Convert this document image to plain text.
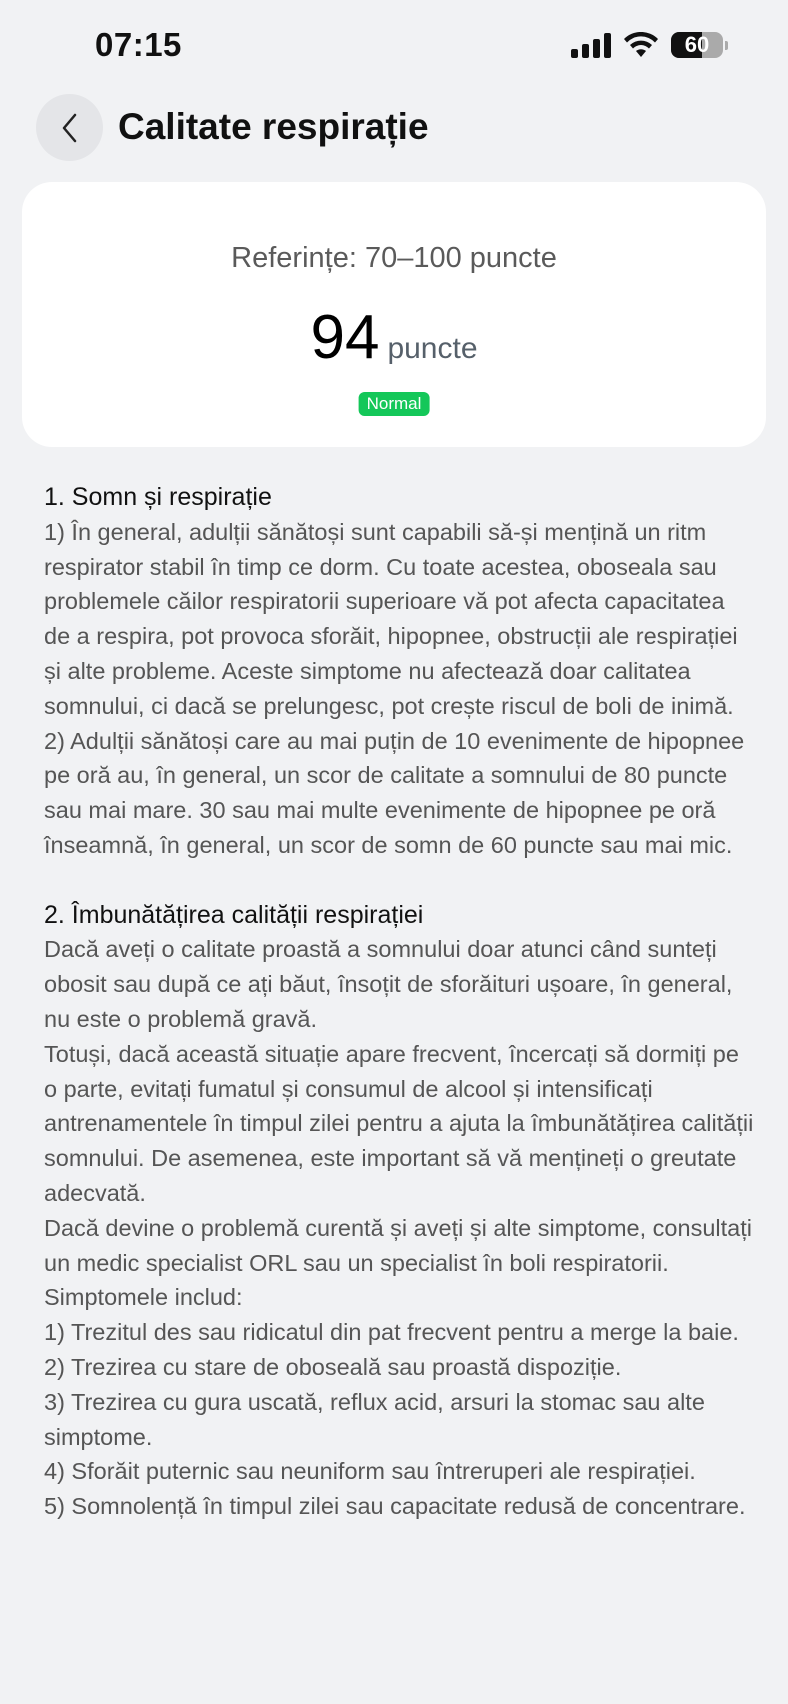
07:15	60
Calitate respirație
Referințe: 70–100 puncte
94 puncte
Normal
1. Somn și respirație

1) În general, adulții sănătoși sunt capabili să-și mențină un ritm respirator stabil în timp ce dorm. Cu toate acestea, oboseala sau problemele căilor respiratorii superioare vă pot afecta capacitatea de a respira, pot provoca sforăit, hipopnee, obstrucții ale respirației și alte probleme. Aceste simptome nu afectează doar calitatea somnului, ci dacă se prelungesc, pot crește riscul de boli de inimă.

2) Adulții sănătoși care au mai puțin de 10 evenimente de hipopnee pe oră au, în general, un scor de calitate a somnului de 80 puncte sau mai mare. 30 sau mai multe evenimente de hipopnee pe oră înseamnă, în general, un scor de somn de 60 puncte sau mai mic.

2. Îmbunătățirea calității respirației

Dacă aveți o calitate proastă a somnului doar atunci când sunteți obosit sau după ce ați băut, însoțit de sforăituri ușoare, în general, nu este o problemă gravă.

Totuși, dacă această situație apare frecvent, încercați să dormiți pe o parte, evitați fumatul și consumul de alcool și intensificați antrenamentele în timpul zilei pentru a ajuta la îmbunătățirea calității somnului. De asemenea, este important să vă mențineți o greutate adecvată.

Dacă devine o problemă curentă și aveți și alte simptome, consultați un medic specialist ORL sau un specialist în boli respiratorii. Simptomele includ:

1) Trezitul des sau ridicatul din pat frecvent pentru a merge la baie.

2) Trezirea cu stare de oboseală sau proastă dispoziție.

3) Trezirea cu gura uscată, reflux acid, arsuri la stomac sau alte simptome.

4) Sforăit puternic sau neuniform sau întreruperi ale respirației.

5) Somnolență în timpul zilei sau capacitate redusă de concentrare.
